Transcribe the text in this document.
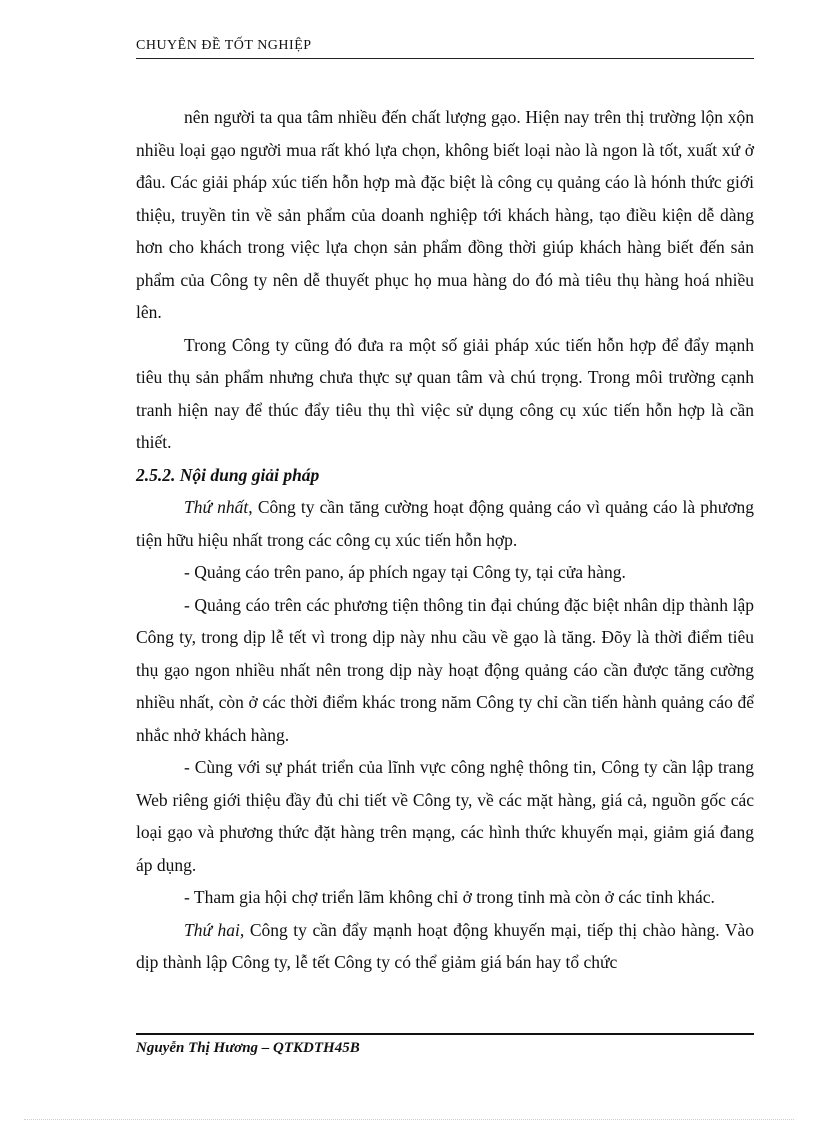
CHUYÊN ĐỀ TỐT NGHIỆP

nên người ta qua tâm nhiều đến chất lượng gạo. Hiện nay trên thị trường lộn xộn nhiều loại gạo người mua rất khó lựa chọn, không biết loại nào là ngon là tốt, xuất xứ ở đâu. Các giải pháp xúc tiến hỗn hợp mà đặc biệt là công cụ quảng cáo là hónh thức giới thiệu, truyền tin về sản phẩm của doanh nghiệp tới khách hàng, tạo điều kiện dễ dàng hơn cho khách trong việc lựa chọn sản phẩm đồng thời giúp khách hàng biết đến sản phẩm của Công ty nên dễ thuyết phục họ mua hàng do đó mà tiêu thụ hàng hoá nhiều lên.

Trong Công ty cũng đó đưa ra một số giải pháp xúc tiến hỗn hợp để đẩy mạnh tiêu thụ sản phẩm nhưng chưa thực sự quan tâm và chú trọng. Trong môi trường cạnh tranh hiện nay để thúc đẩy tiêu thụ thì việc sử dụng công cụ xúc tiến hỗn hợp là cần thiết.

2.5.2. Nội dung giải pháp

Thứ nhất, Công ty cần tăng cường hoạt động quảng cáo vì quảng cáo là phương tiện hữu hiệu nhất trong các công cụ xúc tiến hỗn hợp.

- Quảng cáo trên pano, áp phích ngay tại Công ty, tại cửa hàng.

- Quảng cáo trên các phương tiện thông tin đại chúng đặc biệt nhân dịp thành lập Công ty, trong dịp lễ tết vì trong dịp này nhu cầu về gạo là tăng. Đõy là thời điểm tiêu thụ gạo ngon nhiều nhất nên trong dịp này hoạt động quảng cáo cần được tăng cường nhiều nhất, còn ở các thời điểm khác trong năm Công ty chỉ cần tiến hành quảng cáo để nhắc nhở khách hàng.

- Cùng với sự phát triển của lĩnh vực công nghệ thông tin, Công ty cần lập trang Web riêng giới thiệu đầy đủ chi tiết về Công ty, về các mặt hàng, giá cả, nguồn gốc các loại gạo và phương thức đặt hàng trên mạng, các hình thức khuyến mại, giảm giá đang áp dụng.

- Tham gia hội chợ triển lãm không chỉ ở trong tỉnh mà còn ở các tỉnh khác.

Thứ hai, Công ty cần đẩy mạnh hoạt động khuyến mại, tiếp thị chào hàng. Vào dịp thành lập Công ty, lễ tết Công ty có thể giảm giá bán hay tổ chức

Nguyễn Thị Hương – QTKDTH45B
